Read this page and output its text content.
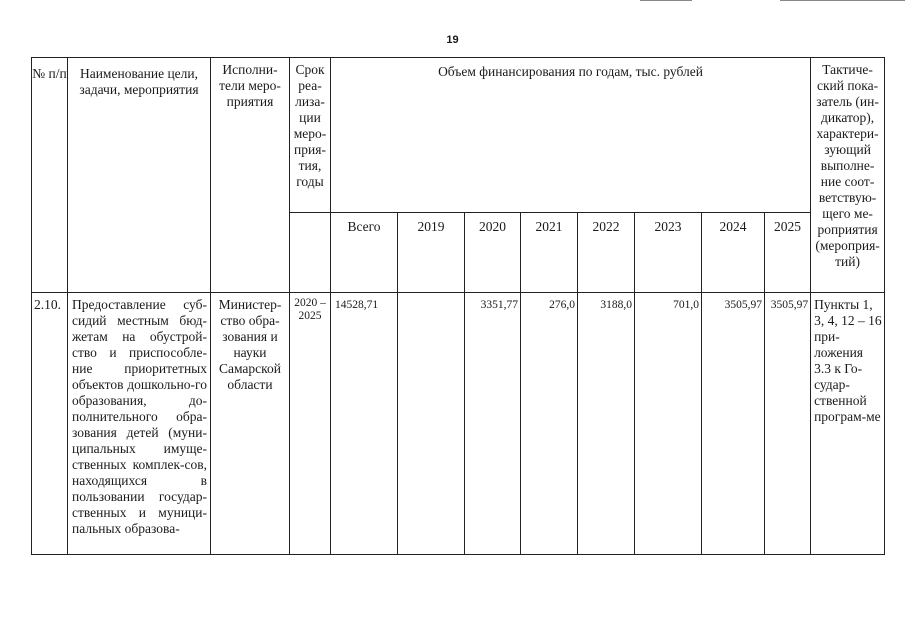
19
№ п/п	Наименование цели, задачи, мероприятия	Исполни-тели меро-приятия	Срок реа-лиза-ции меро-прия-тия, годы	Объем финансирования по годам, тыс. рублей								Тактиче-ский пока-затель (ин-дикатор), характери-зующий выполне-ние соот-ветствую-щего ме-роприятия (мероприя-тий)
				Всего	2019	2020	2021	2022	2023	2024	2025	
2.10.	Предоставление суб-сидий местным бюд-жетам на обустрой-ство и приспособле-ние приоритетных объектов дошкольно-го образования, до-полнительного обра-зования детей (муни-ципальных имуще-ственных комплек-сов, находящихся в пользовании государ-ственных и муници-пальных образова-	Министер-ство обра-зования и науки Самарской области	2020 – 2025	14528,71		3351,77	276,0	3188,0	701,0	3505,97	3505,97	Пункты 1, 3, 4, 12 – 16 при-ложения 3.3 к Го-судар-ственной програм-ме
